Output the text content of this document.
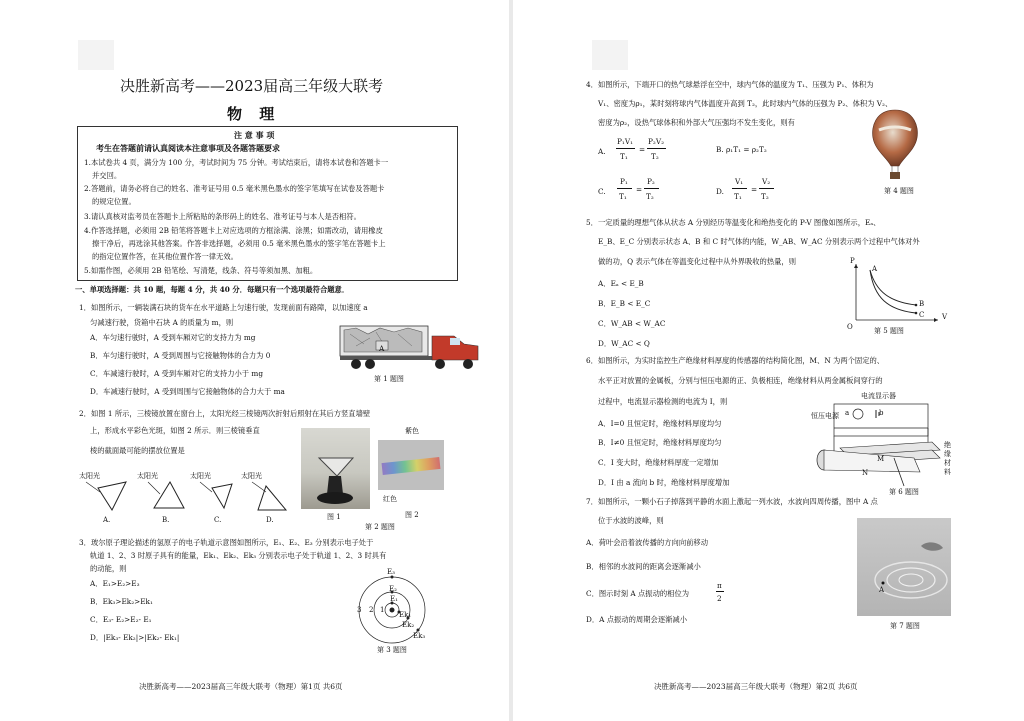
决胜新高考——2023届高三年级大联考
物 理
注 意 事 项
考生在答题前请认真阅读本注意事项及各题答题要求
1.本试卷共 4 页，满分为 100 分，考试时间为 75 分钟。考试结束后，请将本试卷和答题卡一
并交回。
2.答题前，请务必将自己的姓名、准考证号用 0.5 毫米黑色墨水的签字笔填写在试卷及答题卡
的规定位置。
3.请认真核对监考员在答题卡上所粘贴的条形码上的姓名、准考证号与本人是否相符。
4.作答选择题，必须用 2B 铅笔将答题卡上对应选项的方框涂满、涂黑；如需改动，请用橡皮
擦干净后，再选涂其他答案。作答非选择题，必须用 0.5 毫米黑色墨水的签字笔在答题卡上
的指定位置作答，在其他位置作答一律无效。
5.如需作图，必须用 2B 铅笔绘、写清楚，线条、符号等须加黑、加粗。
一、单项选择题：共 10 题，每题 4 分，共 40 分．每题只有一个选项最符合题意．
1．如图所示，一辆装满石块的货车在水平道路上匀速行驶，发现前面有路障，以加速度 a
匀减速行驶，货箱中石块 A 的质量为 m，则
A．车匀速行驶时，A 受到车厢对它的支持力为 mg
B．车匀速行驶时，A 受到周围与它接触物体的合力为 0
C．车减速行驶时，A 受到车厢对它的支持力小于 mg
D．车减速行驶时，A 受到周围与它接触物体的合力大于 ma
A
第 1 题图
2．如图 1 所示，三棱镜放置在窗台上，太阳光经三棱镜两次折射后照射在其后方竖直墙壁
上，形成水平彩色光斑，如图 2 所示．则三棱镜垂直
棱的截面最可能的摆放位置是
太阳光	太阳光	太阳光	太阳光
A.	B.	C.	D.	图 1
紫色
红色
图 2
第 2 题图
3．玻尔原子理论描述的氢原子的电子轨道示意图如图所示，E₁、E₂、E₃ 分别表示电子处于
轨道 1、2、3 时原子具有的能量，Ek₁、Ek₂、Ek₃ 分别表示电子处于轨道 1、2、3 时具有
的动能，则
A．E₁>E₂>E₃
B．Ek₃>Ek₂>Ek₁
C．E₃- E₂>E₂- E₁
D．|Ek₃- Ek₂|>|Ek₂- Ek₁|
E₃
E₂
E₁
Ek₁
Ek₂
Ek₃
3 2 1
第 3 题图
决胜新高考——2023届高三年级大联考（物理）第1页 共6页
4．如图所示，下端开口的热气球悬浮在空中，球内气体的温度为 T₁、压强为 P₁、体积为
V₁、密度为ρ₁，某时刻将球内气体温度升高到 T₂，此时球内气体的压强为 P₂、体积为 V₂、
密度为ρ₂，设热气球体积和外部大气压强均不发生变化，则有
A.
P₁V₁
T₁
=
P₂V₂
T₂
B. ρ₁T₁ = ρ₂T₂
C.
P₁
T₁
=
P₂
T₂
D.
V₁
T₁
=
V₂
T₂
第 4 题图
5．一定质量的理想气体从状态 A 分别经历等温变化和绝热变化的 P-V 图像如图所示，Eₐ、
E_B、E_C 分别表示状态 A、B 和 C 时气体的内能，W_AB、W_AC 分别表示两个过程中气体对外
做的功，Q 表示气体在等温变化过程中从外界吸收的热量，则
A．Eₐ < E_B
B．E_B < E_C
C．W_AB < W_AC
D．W_AC < Q
P
V
O
A
B
C
第 5 题图
6．如图所示，为实时监控生产绝缘材料厚度的传感器的结构简化图，M、N 为两个固定的、
水平正对放置的金属板，分别与恒压电源的正、负极相连，绝缘材料从两金属板间穿行的
过程中，电流显示器检测的电流为 I，则
A．I=0 且恒定时，绝缘材料厚度均匀
B．I≠0 且恒定时，绝缘材料厚度均匀
C．I 变大时，绝缘材料厚度一定增加
D．I 由 a 流向 b 时，绝缘材料厚度增加
电流显示器
恒压电源 a	b
M
N
绝缘材料
第 6 题图
7．如图所示，一颗小石子掉落到平静的水面上激起一列水波，水波向四周传播，图中 A 点
位于水波的波峰，则
A．荷叶会沿着波传播的方向向前移动
B．相邻的水波间的距离会逐渐减小
C．图示时刻 A 点振动的相位为
π
2
D．A 点振动的周期会逐渐减小
A
第 7 题图
决胜新高考——2023届高三年级大联考（物理）第2页 共6页
